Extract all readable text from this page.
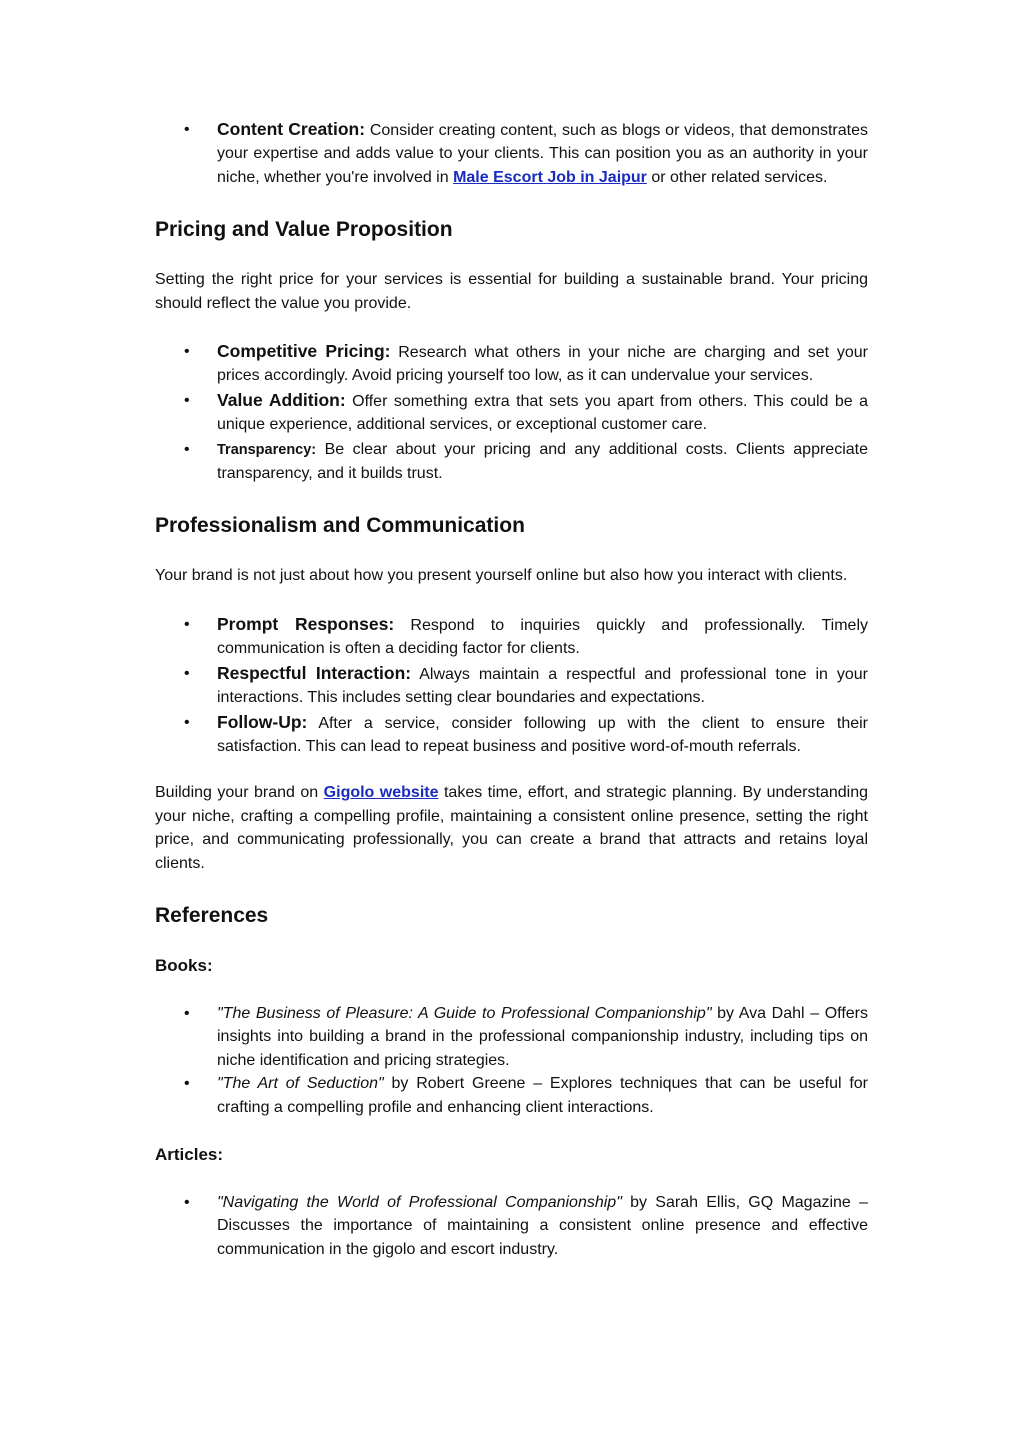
• Content Creation: Consider creating content, such as blogs or videos, that demonstrates your expertise and adds value to your clients. This can position you as an authority in your niche, whether you're involved in Male Escort Job in Jaipur or other related services.
Pricing and Value Proposition

Setting the right price for your services is essential for building a sustainable brand. Your pricing should reflect the value you provide.

• Competitive Pricing: Research what others in your niche are charging and set your prices accordingly. Avoid pricing yourself too low, as it can undervalue your services.
• Value Addition: Offer something extra that sets you apart from others. This could be a unique experience, additional services, or exceptional customer care.
• Transparency: Be clear about your pricing and any additional costs. Clients appreciate transparency, and it builds trust.
Professionalism and Communication

Your brand is not just about how you present yourself online but also how you interact with clients.

• Prompt Responses: Respond to inquiries quickly and professionally. Timely communication is often a deciding factor for clients.
• Respectful Interaction: Always maintain a respectful and professional tone in your interactions. This includes setting clear boundaries and expectations.
• Follow-Up: After a service, consider following up with the client to ensure their satisfaction. This can lead to repeat business and positive word-of-mouth referrals.

Building your brand on Gigolo website takes time, effort, and strategic planning. By understanding your niche, crafting a compelling profile, maintaining a consistent online presence, setting the right price, and communicating professionally, you can create a brand that attracts and retains loyal clients.

References
Books:
• "The Business of Pleasure: A Guide to Professional Companionship" by Ava Dahl – Offers insights into building a brand in the professional companionship industry, including tips on niche identification and pricing strategies.
• "The Art of Seduction" by Robert Greene – Explores techniques that can be useful for crafting a compelling profile and enhancing client interactions.
Articles:
• "Navigating the World of Professional Companionship" by Sarah Ellis, GQ Magazine – Discusses the importance of maintaining a consistent online presence and effective communication in the gigolo and escort industry.
